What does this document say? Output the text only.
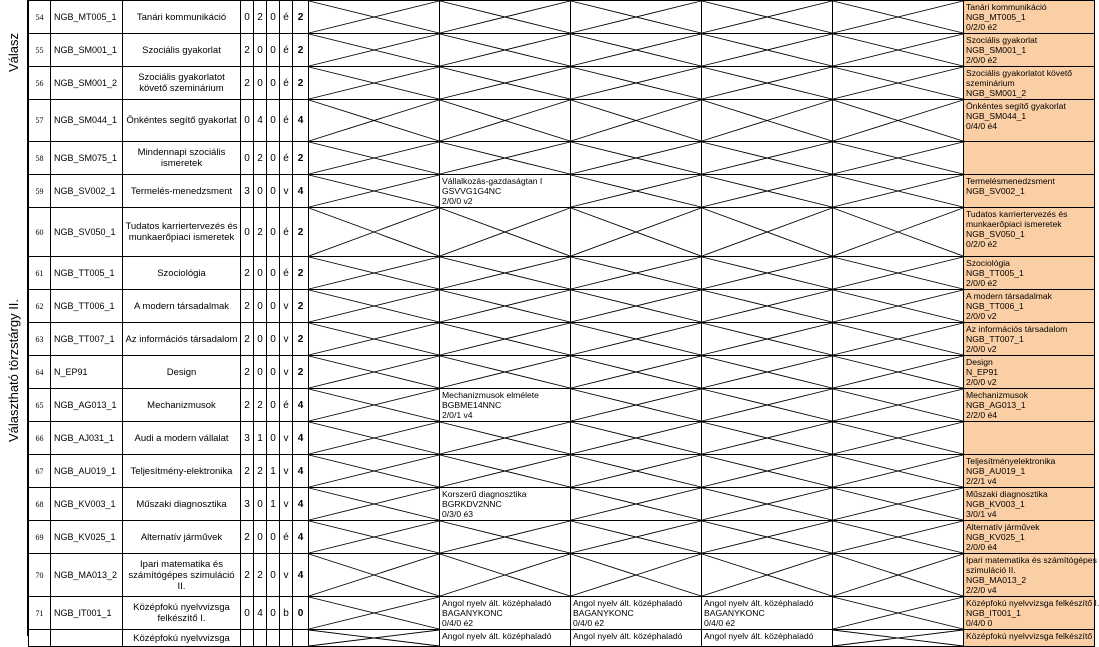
Válasz
Választható törzstárgy II.
54	NGB_MT005_1	Tanári kommunikáció	0	2	0	é	2						Tanári kommunikáció
NGB_MT005_1
0/2/0 é2	

55	NGB_SM001_1	Szociális gyakorlat	2	0	0	é	2						Szociális gyakorlat
NGB_SM001_1
2/0/0 é2

56	NGB_SM001_2	Szociális gyakorlatot követő szeminárium	2	0	0	é	2						Szociális gyakorlatot követő
szeminárium
NGB_SM001_2

57	NGB_SM044_1	Önkéntes segítő gyakorlat	0	4	0	é	4						Önkéntes segítő gyakorlat
NGB_SM044_1
0/4/0 é4

58	NGB_SM075_1	Mindennapi szociális ismeretek	0	2	0	é	2	

59	NGB_SV002_1	Termelés-menedzsment	3	0	0	v	4		Vállalkozás-gazdaságtan I
GSVVG1G4NC
2/0/0 v2				Termelésmenedzsment
NGB_SV002_1

60	NGB_SV050_1	Tudatos karriertervezés és munkaerőpiaci ismeretek	0	2	0	é	2						Tudatos karriertervezés és
munkaerőpiaci ismeretek
NGB_SV050_1
0/2/0 é2

61	NGB_TT005_1	Szociológia	2	0	0	é	2						Szociológia
NGB_TT005_1
2/0/0 é2

62	NGB_TT006_1	A modern társadalmak	2	0	0	v	2						A modern társadalmak
NGB_TT006_1
2/0/0 v2

63	NGB_TT007_1	Az információs társadalom	2	0	0	v	2						Az információs társadalom
NGB_TT007_1
2/0/0 v2

64	N_EP91	Design	2	0	0	v	2						Design
N_EP91
2/0/0 v2	

65	NGB_AG013_1	Mechanizmusok	2	2	0	é	4		Mechanizmusok elmélete
BGBME14NNC
2/0/1 v4				Mechanizmusok
NGB_AG013_1
2/2/0 é4

66	NGB_AJ031_1	Audi a modern vállalat	3	1	0	v	4	

67	NGB_AU019_1	Teljesítmény-elektronika	2	2	1	v	4						Teljesítményelektronika
NGB_AU019_1
2/2/1 v4

68	NGB_KV003_1	Műszaki diagnosztika	3	0	1	v	4		Korszerű diagnosztika
BGRKDV2NNC
0/3/0 é3				Műszaki diagnosztika
NGB_KV003_1
3/0/1 v4

69	NGB_KV025_1	Alternatív járművek	2	0	0	é	4						Alternatív járművek
NGB_KV025_1
2/0/0 é4

70	NGB_MA013_2	Ipari matematika és számítógépes szimuláció II.	2	2	0	v	4						Ipari matematika és számítógépes
szimuláció II.
NGB_MA013_2
2/2/0 v4

71	NGB_IT001_1	Középfokú nyelvvizsga felkészítő I.	0	4	0	b	0		Angol nyelv ált. középhaladó
BAGANYKONC
0/4/0 é2	Angol nyelv ált. középhaladó
BAGANYKONC
0/4/0 é2	Angol nyelv ált. középhaladó
BAGANYKONC
0/4/0 é2		Középfokú nyelvvizsga felkészítő I.
NGB_IT001_1
0/4/0 0

		Középfokú nyelvvizsga							Angol nyelv ált. középhaladó	Angol nyelv ált. középhaladó	Angol nyelv ált. középhaladó		Középfokú nyelvvizsga felkészítő
